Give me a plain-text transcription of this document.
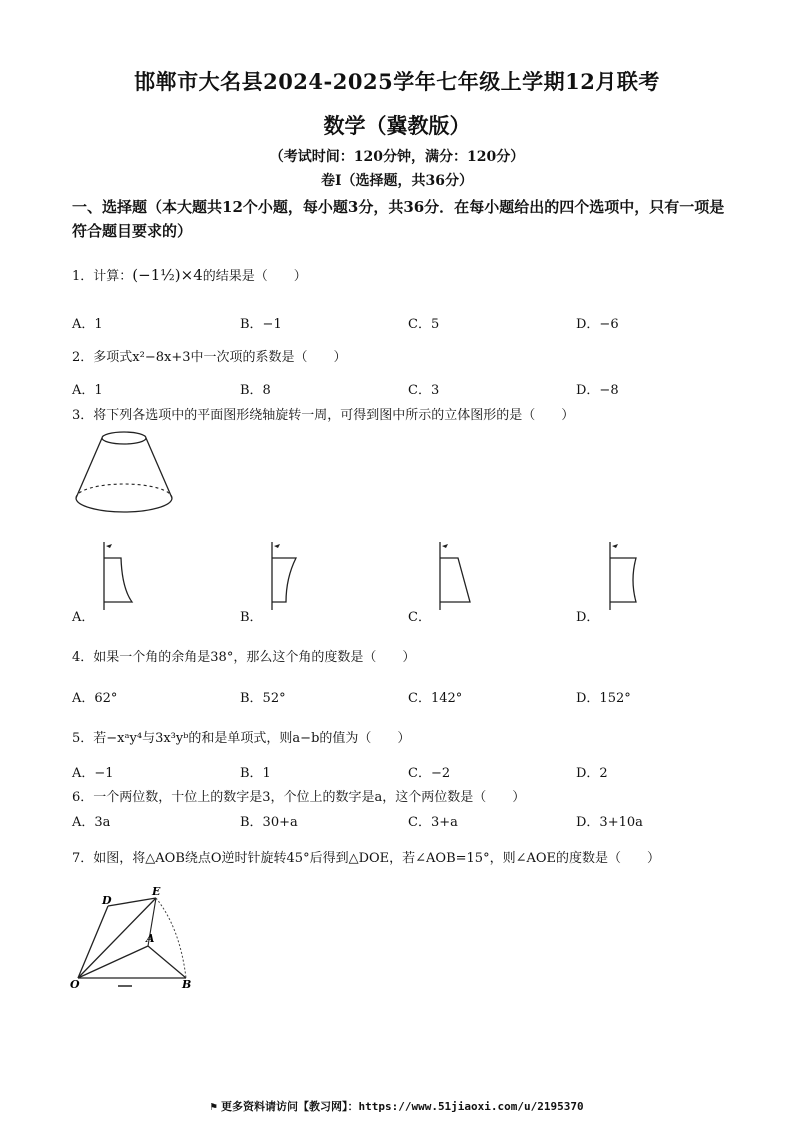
邯郸市大名县2024-2025学年七年级上学期12月联考
数学（冀教版）
（考试时间：120分钟，满分：120分）
卷Ⅰ（选择题，共36分）
一、选择题（本大题共12个小题，每小题3分，共36分．在每小题给出的四个选项中，只有一项是符合题目要求的）
1．计算：(−1½)×4的结果是（　　）
A．1	B．−1	C．5	D．−6
2．多项式x²−8x+3中一次项的系数是（　　）
A．1	B．8	C．3	D．−8
3．将下列各选项中的平面图形绕轴旋转一周，可得到图中所示的立体图形的是（　　）
A．	B．	C．	D．
4．如果一个角的余角是38°，那么这个角的度数是（　　）
A．62°	B．52°	C．142°	D．152°
5．若−xᵃy⁴与3x³yᵇ的和是单项式，则a−b的值为（　　）
A．−1	B．1	C．−2	D．2
6．一个两位数，十位上的数字是3，个位上的数字是a，这个两位数是（　　）
A．3a	B．30+a	C．3+a	D．3+10a
7．如图，将△AOB绕点O逆时针旋转45°后得到△DOE，若∠AOB=15°，则∠AOE的度数是（　　）
D
E
A
O	B
⚑ 更多资料请访问【教习网】：https://www.51jiaoxi.com/u/2195370
